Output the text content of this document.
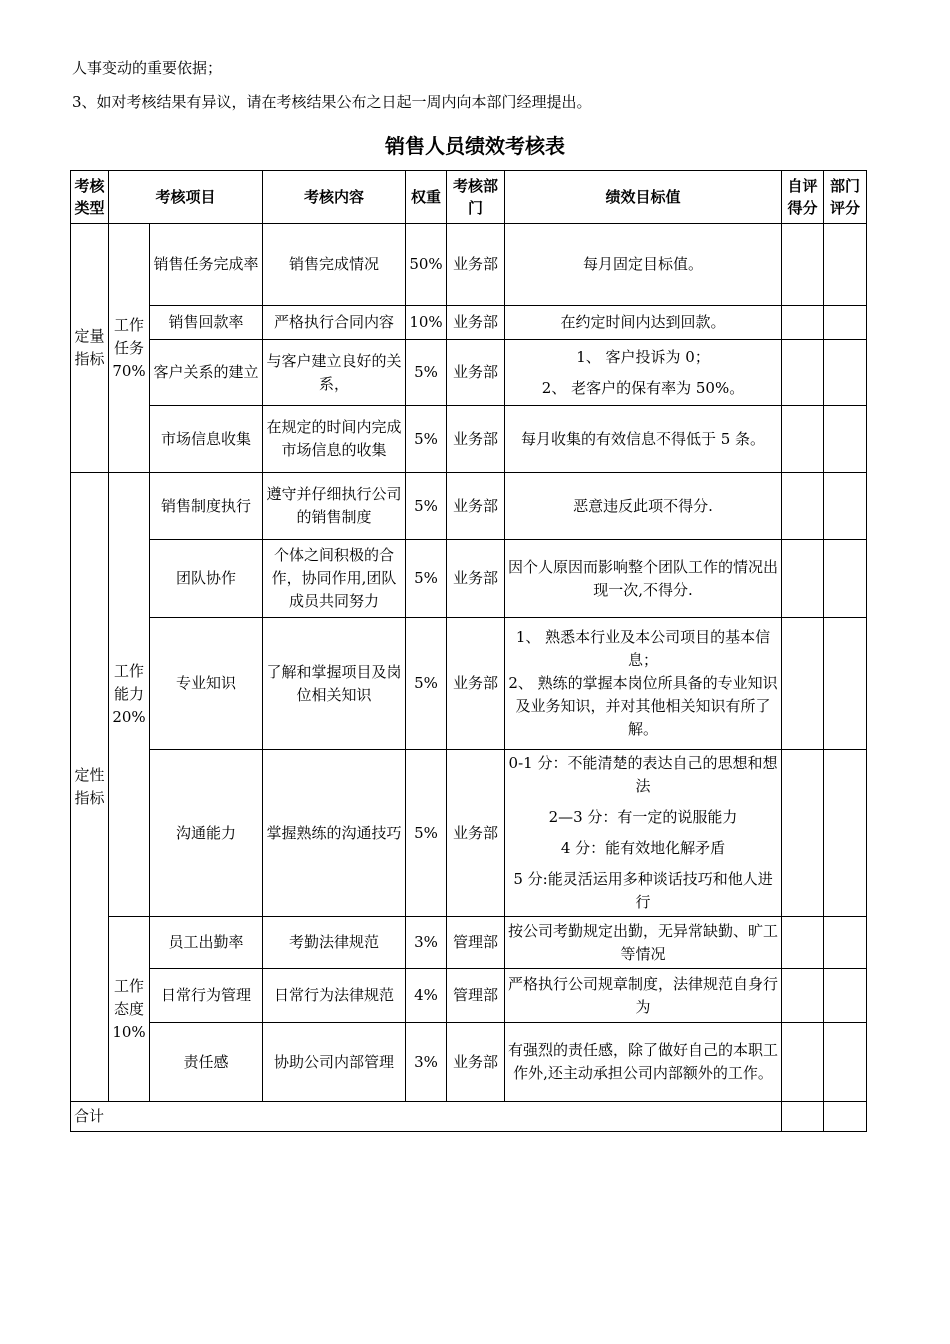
人事变动的重要依据；
3、如对考核结果有异议，请在考核结果公布之日起一周内向本部门经理提出。
销售人员绩效考核表
考核类型	考核项目		考核内容	权重	考核部门	绩效目标值	自评得分	部门评分
定量指标	工作任务70%	销售任务完成率	销售完成情况	50%	业务部	每月固定目标值。		

		销售回款率	严格执行合同内容	10%	业务部	在约定时间内达到回款。		

		客户关系的建立	与客户建立良好的关系，	5%	业务部	1、 客户投诉为 0；
2、 老客户的保有率为 50%。		

		市场信息收集	在规定的时间内完成市场信息的收集	5%	业务部	每月收集的有效信息不得低于 5 条。		

定性指标	工作能力20%	销售制度执行	遵守并仔细执行公司的销售制度	5%	业务部	恶意违反此项不得分.		

		团队协作	个体之间积极的合作，协同作用,团队成员共同努力	5%	业务部	因个人原因而影响整个团队工作的情况出现一次,不得分.		

		专业知识	了解和掌握项目及岗位相关知识	5%	业务部	1、 熟悉本行业及本公司项目的基本信息；
2、 熟练的掌握本岗位所具备的专业知识及业务知识，并对其他相关知识有所了解。		

		沟通能力	掌握熟练的沟通技巧	5%	业务部	0-1 分：不能清楚的表达自己的思想和想法
2—3 分：有一定的说服能力
4 分：能有效地化解矛盾
5 分:能灵活运用多种谈话技巧和他人进行		

	工作态度10%	员工出勤率	考勤法律规范	3%	管理部	按公司考勤规定出勤，无异常缺勤、旷工等情况		

		日常行为管理	日常行为法律规范	4%	管理部	严格执行公司规章制度，法律规范自身行为		

		责任感	协助公司内部管理	3%	业务部	有强烈的责任感，除了做好自己的本职工作外,还主动承担公司内部额外的工作。		

合计								
